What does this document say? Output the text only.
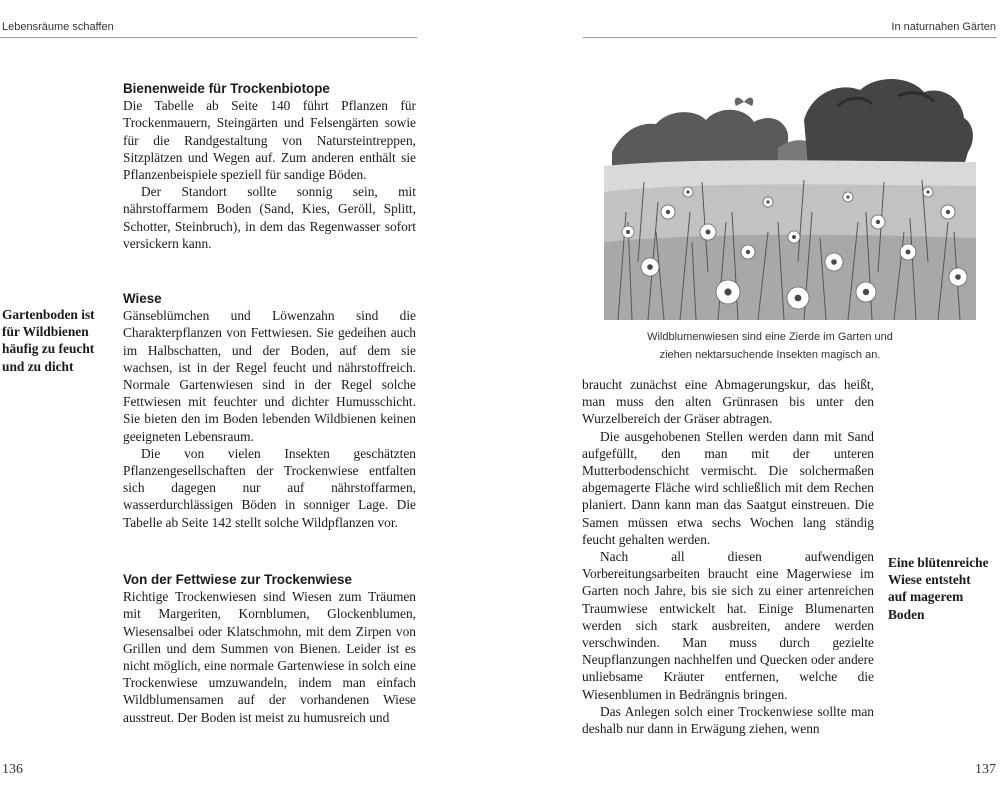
Lebensräume schaffen
Gartenboden ist
für Wildbienen
häufig zu feucht
und zu dicht
Bienenweide für Trockenbiotope

Die Tabelle ab Seite 140 führt Pflanzen für Trockenmauern, Steingärten und Felsengärten sowie für die Randgestaltung von Natursteintreppen, Sitzplätzen und Wegen auf. Zum anderen enthält sie Pflanzenbeispiele speziell für sandige Böden.

Der Standort sollte sonnig sein, mit nährstoffarmem Boden (Sand, Kies, Geröll, Splitt, Schotter, Steinbruch), in dem das Regenwasser sofort versickern kann.

Wiese

Gänseblümchen und Löwenzahn sind die Charakterpflanzen von Fettwiesen. Sie gedeihen auch im Halbschatten, und der Boden, auf dem sie wachsen, ist in der Regel feucht und nährstoffreich. Normale Gartenwiesen sind in der Regel solche Fettwiesen mit feuchter und dichter Humusschicht. Sie bieten den im Boden lebenden Wildbienen keinen geeigneten Lebensraum.

Die von vielen Insekten geschätzten Pflanzengesellschaften der Trockenwiese entfalten sich dagegen nur auf nährstoffarmen, wasserdurchlässigen Böden in sonniger Lage. Die Tabelle ab Seite 142 stellt solche Wildpflanzen vor.

Von der Fettwiese zur Trockenwiese

Richtige Trockenwiesen sind Wiesen zum Träumen mit Margeriten, Kornblumen, Glockenblumen, Wiesensalbei oder Klatschmohn, mit dem Zirpen von Grillen und dem Summen von Bienen. Leider ist es nicht möglich, eine normale Gartenwiese in solch eine Trockenwiese umzuwandeln, indem man einfach Wildblumensamen auf der vorhandenen Wiese ausstreut. Der Boden ist meist zu humusreich und

136
In naturnahen Gärten
Wildblumenwiesen sind eine Zierde im Garten und
ziehen nektarsuchende Insekten magisch an.

braucht zunächst eine Abmagerungskur, das heißt, man muss den alten Grünrasen bis unter den Wurzelbereich der Gräser abtragen.

Die ausgehobenen Stellen werden dann mit Sand aufgefüllt, den man mit der unteren Mutterbodenschicht vermischt. Die solchermaßen abgemagerte Fläche wird schließlich mit dem Rechen planiert. Dann kann man das Saatgut einstreuen. Die Samen müssen etwa sechs Wochen lang ständig feucht gehalten werden.

Nach all diesen aufwendigen Vorbereitungsarbeiten braucht eine Magerwiese im Garten noch Jahre, bis sie sich zu einer artenreichen Traumwiese entwickelt hat. Einige Blumenarten werden sich stark ausbreiten, andere werden verschwinden. Man muss durch gezielte Neupflanzungen nachhelfen und Quecken oder andere unliebsame Kräuter entfernen, welche die Wiesenblumen in Bedrängnis bringen.

Das Anlegen solch einer Trockenwiese sollte man deshalb nur dann in Erwägung ziehen, wenn

Eine blütenreiche
Wiese entsteht
auf magerem
Boden
137
